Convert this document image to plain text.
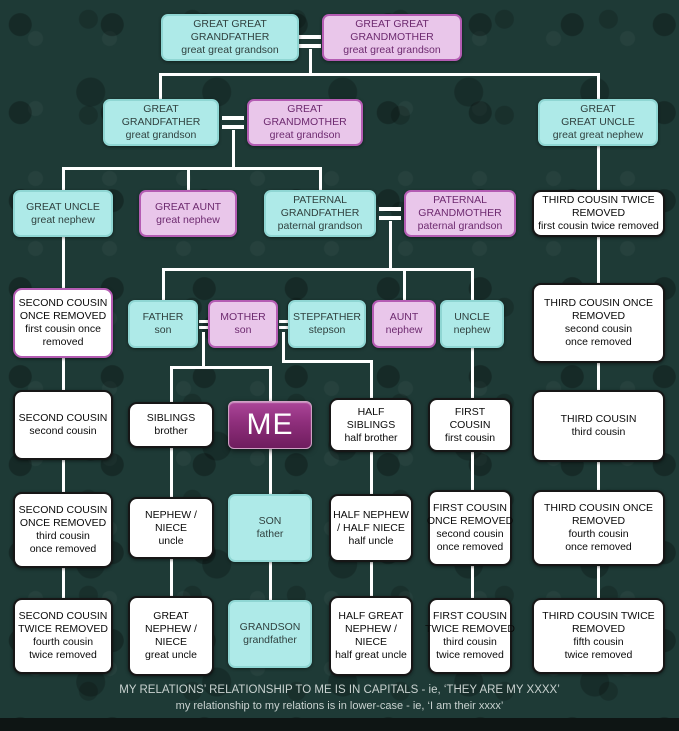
GREAT GREAT
GRANDFATHER
great great grandson
GREAT GREAT
GRANDMOTHER
great great grandson
GREAT
GRANDFATHER
great grandson
GREAT
GRANDMOTHER
great grandson
GREAT
GREAT UNCLE
great great nephew
GREAT UNCLE
great nephew
GREAT AUNT
great nephew
PATERNAL
GRANDFATHER
paternal grandson
PATERNAL
GRANDMOTHER
paternal grandson
THIRD COUSIN TWICE
REMOVED
first cousin twice removed
SECOND COUSIN
ONCE REMOVED
first cousin once
removed
FATHER
son
MOTHER
son
STEPFATHER
stepson
AUNT
nephew
UNCLE
nephew
THIRD COUSIN ONCE
REMOVED
second cousin
once removed
SECOND COUSIN
second cousin
SIBLINGS
brother ME	HALF
SIBLINGS
half brother
FIRST
COUSIN
first cousin
THIRD COUSIN
third cousin
SECOND COUSIN
ONCE REMOVED
third cousin
once removed
NEPHEW /
NIECE
uncle
SON
father
HALF NEPHEW
/ HALF NIECE
half uncle
FIRST COUSIN
ONCE REMOVED
second cousin
once removed
THIRD COUSIN ONCE
REMOVED
fourth cousin
once removed
SECOND COUSIN
TWICE REMOVED
fourth cousin
twice removed
GREAT
NEPHEW /
NIECE
great uncle
GRANDSON
grandfather
HALF GREAT
NEPHEW /
NIECE
half great uncle
FIRST COUSIN
TWICE REMOVED
third cousin
twice removed
THIRD COUSIN TWICE
REMOVED
fifth cousin
twice removed
MY RELATIONS’ RELATIONSHIP TO ME IS IN CAPITALS - ie, ‘THEY ARE MY XXXX’
my relationship to my relations is in lower-case - ie, ‘I am their xxxx’
